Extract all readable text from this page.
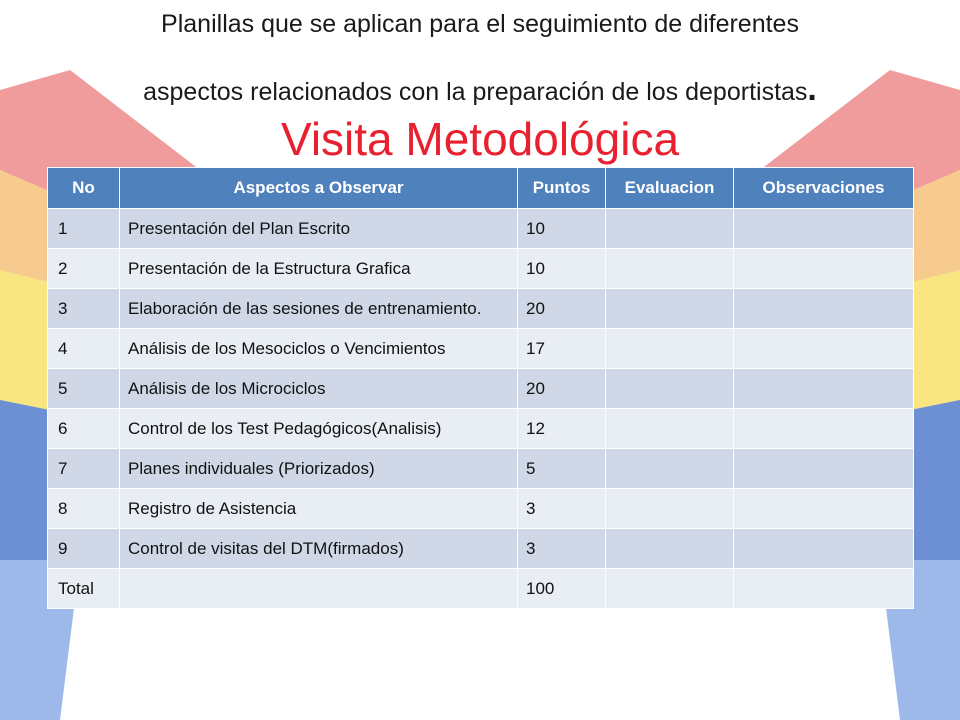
Planillas que se aplican para el seguimiento de diferentes
aspectos relacionados con la preparación de los deportistas.
Visita Metodológica
No	Aspectos a Observar	Puntos	Evaluacion	Observaciones
1	Presentación del Plan Escrito	10		
2	Presentación de la Estructura Grafica	10		
3	Elaboración de las sesiones de entrenamiento.	20		
4	Análisis de los Mesociclos o Vencimientos	17		
5	Análisis de los Microciclos	20		
6	Control de los Test Pedagógicos(Analisis)	12		
7	Planes individuales (Priorizados)	5		
8	Registro de Asistencia	3		
9	Control de visitas del DTM(firmados)	3		
Total		100		
